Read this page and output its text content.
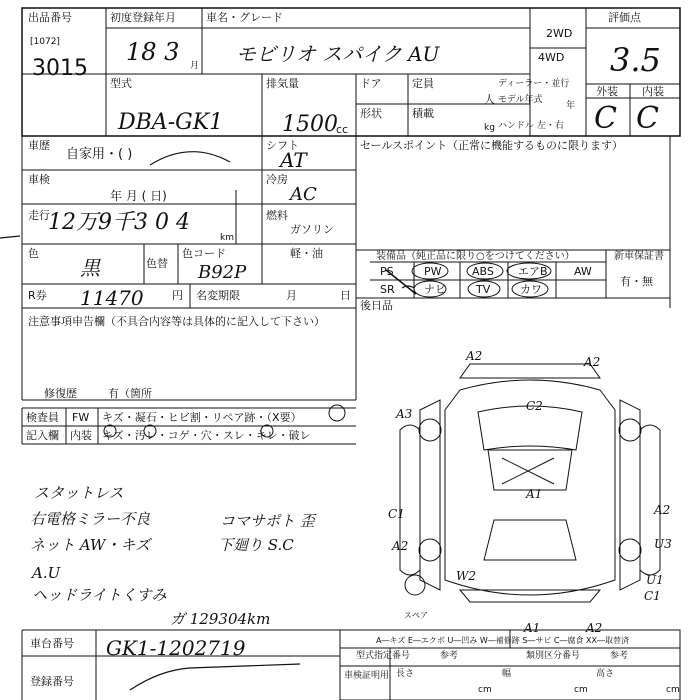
出品番号
[1072]
3015
初度登録年月
18 3 月
車名・グレード
モビリオ スパイク AU
2WD
4WD
評価点
3.5
型式
DBA-GK1
排気量
1500
cc
ドア	定員
人
形状	積載
kg
ディーラー・並行
モデル年式
年
ハンドル 左・右
外装 内装
C C
車歴
自家用・( )
シフト
AT
車検
年 月 ( 日)
冷房
AC
走行
12万9千3 0 4
km
燃料
ガソリン
軽・油
色
黒	色替
色コード
B92P
R券 11470	円 名変期限	月	日
注意事項申告欄（不具合内容等は具体的に記入して下さい）
修復歴	有（箇所
セールスポイント（正常に機能するものに限ります）
装備品（純正品に限り○をつけてください）	新車保証書
有・無
PS	PW	ABS エアB AW
SR	ナビ	TV	カワ
後日品
検査員
記入欄
FW キズ・凝石・ヒビ割・リペア跡・（X要）
内装 キズ・汚レ・コゲ・穴・スレ・キレ・破レ
スタットレス
右電格ミラー不良
ネット AW・キズ
A.U
ヘッドライトくすみ
コマサポト 歪
下廻り S.C
ガ 129304km
A2	A2
A3
C2
A1
C1
A2
A2
U3
W2	U1
C1
A1	A2
スペア
A―キズ E―エクボ U―凹み W―補修跡 S―サビ C―腐食 XX―取替済
車台番号 GK1-1202719
登録番号
型式指定番号	参考	類別区分番号	参考
車検証明用 長さ
cm
幅
cm
高さ
cm
